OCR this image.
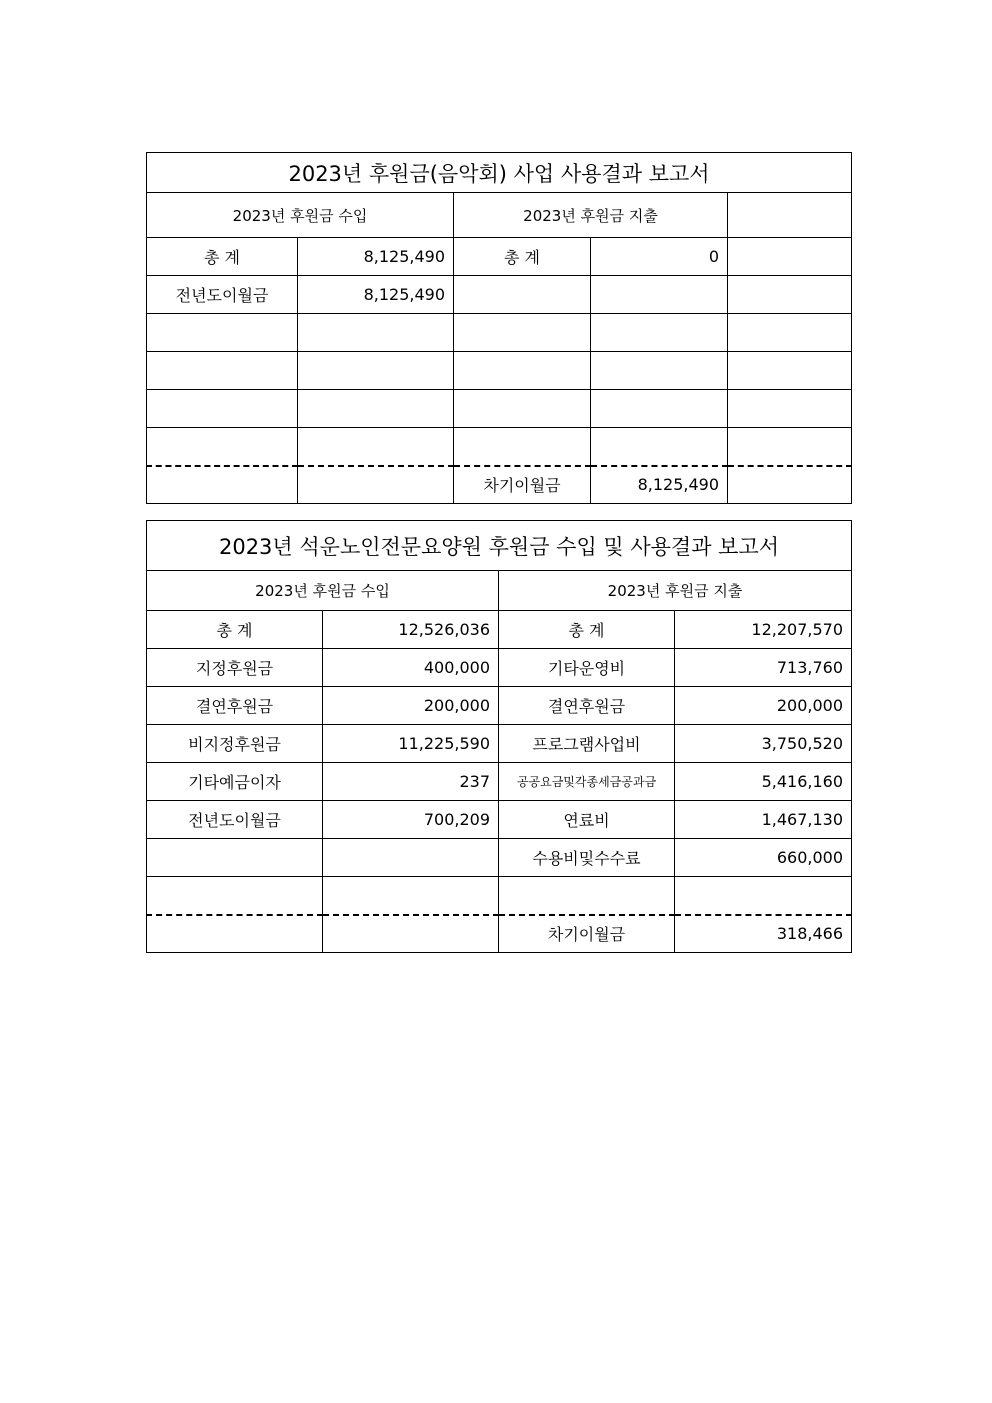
2023년 후원금(음악회) 사업 사용결과 보고서				
2023년 후원금 수입		2023년 후원금 지출		
총 계	8,125,490	총 계	0	
전년도이월금	8,125,490			

		차기이월금	8,125,490	
2023년 석운노인전문요양원 후원금 수입 및 사용결과 보고서			
2023년 후원금 수입		2023년 후원금 지출	
총 계	12,526,036	총 계	12,207,570
지정후원금	400,000	기타운영비	713,760
결연후원금	200,000	결연후원금	200,000
비지정후원금	11,225,590	프로그램사업비	3,750,520
기타예금이자	237	공공요금및각종세금공과금	5,416,160
전년도이월금	700,209	연료비	1,467,130
		수용비및수수료	660,000

		차기이월금	318,466
